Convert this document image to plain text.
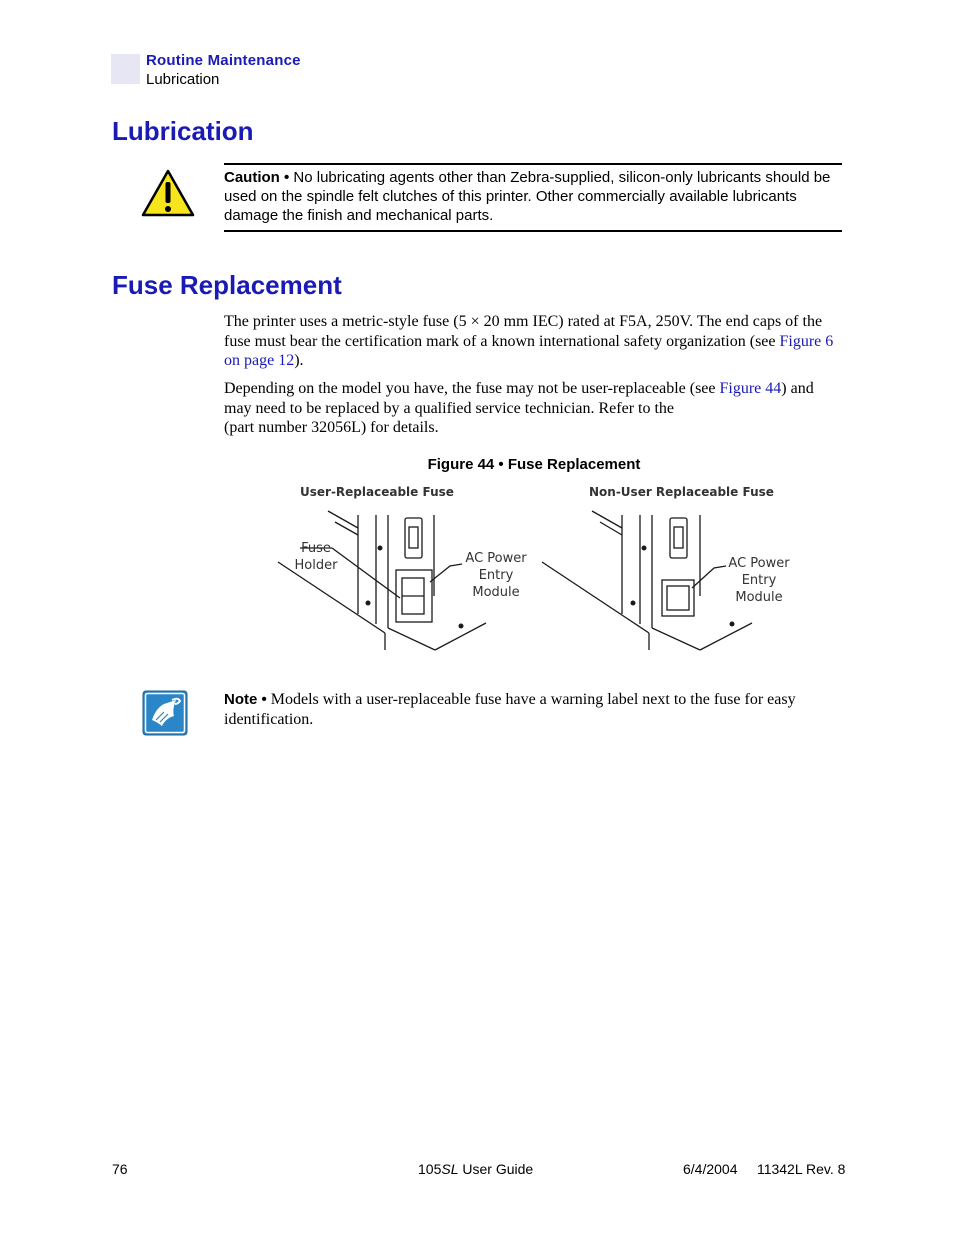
Routine Maintenance
Lubrication
Lubrication
Caution • No lubricating agents other than Zebra-supplied, silicon-only lubricants should be used on the spindle felt clutches of this printer. Other commercially available lubricants damage the finish and mechanical parts.
Fuse Replacement
The printer uses a metric-style fuse (5 × 20 mm IEC) rated at F5A, 250V. The end caps of the fuse must bear the certification mark of a known international safety organization (see Figure 6 on page 12).
Depending on the model you have, the fuse may not be user-replaceable (see Figure 44) and may need to be replaced by a qualified service technician. Refer to the
(part number 32056L) for details.
Figure 44 • Fuse Replacement
User-Replaceable Fuse	Non-User Replaceable Fuse
Fuse
Holder	AC Power
Entry
Module
AC Power
Entry
Module
Note • Models with a user-replaceable fuse have a warning label next to the fuse for easy identification.
76	105SL User Guide	6/4/2004     11342L Rev. 8
